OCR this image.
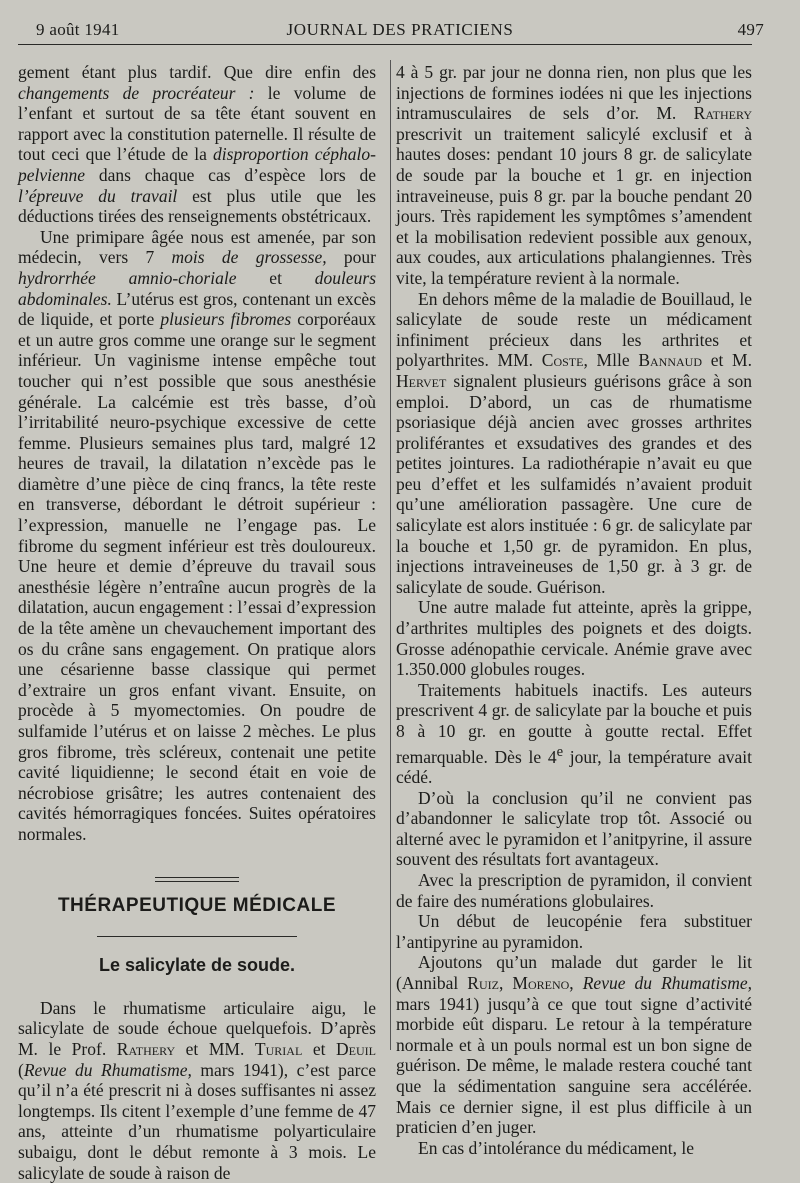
9 août 1941	JOURNAL DES PRATICIENS	497

gement étant plus tardif. Que dire enfin des changements de procréateur : le volume de l’enfant et surtout de sa tête étant souvent en rapport avec la constitution paternelle. Il résulte de tout ceci que l’étude de la disproportion céphalo-pelvienne dans chaque cas d’espèce lors de l’épreuve du travail est plus utile que les déductions tirées des renseignements obstétricaux.

Une primipare âgée nous est amenée, par son médecin, vers 7 mois de grossesse, pour hydrorrhée amnio-choriale et douleurs abdominales. L’utérus est gros, contenant un excès de liquide, et porte plusieurs fibromes corporéaux et un autre gros comme une orange sur le segment inférieur. Un vaginisme intense empêche tout toucher qui n’est possible que sous anesthésie générale. La calcémie est très basse, d’où l’irritabilité neuro-psychique excessive de cette femme. Plusieurs semaines plus tard, malgré 12 heures de travail, la dilatation n’excède pas le diamètre d’une pièce de cinq francs, la tête reste en transverse, débordant le détroit supérieur : l’expression, manuelle ne l’engage pas. Le fibrome du segment inférieur est très douloureux. Une heure et demie d’épreuve du travail sous anesthésie légère n’entraîne aucun progrès de la dilatation, aucun engagement : l’essai d’expression de la tête amène un chevauchement important des os du crâne sans engagement. On pratique alors une césarienne basse classique qui permet d’extraire un gros enfant vivant. Ensuite, on procède à 5 myomectomies. On poudre de sulfamide l’utérus et on laisse 2 mèches. Le plus gros fibrome, très scléreux, contenait une petite cavité liquidienne; le second était en voie de nécrobiose grisâtre; les autres contenaient des cavités hémorragiques foncées. Suites opératoires normales.

THÉRAPEUTIQUE MÉDICALE
Le salicylate de soude.

Dans le rhumatisme articulaire aigu, le salicylate de soude échoue quelquefois. D’après M. le Prof. Rathery et MM. Turial et Deuil (Revue du Rhumatisme, mars 1941), c’est parce qu’il n’a été prescrit ni à doses suffisantes ni assez longtemps. Ils citent l’exemple d’une femme de 47 ans, atteinte d’un rhumatisme polyarticulaire subaigu, dont le début remonte à 3 mois. Le salicylate de soude à raison de

4 à 5 gr. par jour ne donna rien, non plus que les injections de formines iodées ni que les injections intramusculaires de sels d’or. M. Rathery prescrivit un traitement salicylé exclusif et à hautes doses: pendant 10 jours 8 gr. de salicylate de soude par la bouche et 1 gr. en injection intraveineuse, puis 8 gr. par la bouche pendant 20 jours. Très rapidement les symptômes s’amendent et la mobilisation redevient possible aux genoux, aux coudes, aux articulations phalangiennes. Très vite, la température revient à la normale.

En dehors même de la maladie de Bouillaud, le salicylate de soude reste un médicament infiniment précieux dans les arthrites et polyarthrites. MM. Coste, Mlle Bannaud et M. Hervet signalent plusieurs guérisons grâce à son emploi. D’abord, un cas de rhumatisme psoriasique déjà ancien avec grosses arthrites proliférantes et exsudatives des grandes et des petites jointures. La radiothérapie n’avait eu que peu d’effet et les sulfamidés n’avaient produit qu’une amélioration passagère. Une cure de salicylate est alors instituée : 6 gr. de salicylate par la bouche et 1,50 gr. de pyramidon. En plus, injections intraveineuses de 1,50 gr. à 3 gr. de salicylate de soude. Guérison.

Une autre malade fut atteinte, après la grippe, d’arthrites multiples des poignets et des doigts. Grosse adénopathie cervicale. Anémie grave avec 1.350.000 globules rouges.

Traitements habituels inactifs. Les auteurs prescrivent 4 gr. de salicylate par la bouche et puis 8 à 10 gr. en goutte à goutte rectal. Effet remarquable. Dès le 4e jour, la température avait cédé.

D’où la conclusion qu’il ne convient pas d’abandonner le salicylate trop tôt. Associé ou alterné avec le pyramidon et l’anitpyrine, il assure souvent des résultats fort avantageux.

Avec la prescription de pyramidon, il convient de faire des numérations globulaires.

Un début de leucopénie fera substituer l’antipyrine au pyramidon.

Ajoutons qu’un malade dut garder le lit (Annibal Ruiz, Moreno, Revue du Rhumatisme, mars 1941) jusqu’à ce que tout signe d’activité morbide eût disparu. Le retour à la température normale et à un pouls normal est un bon signe de guérison. De même, le malade restera couché tant que la sédimentation sanguine sera accélérée. Mais ce dernier signe, il est plus difficile à un praticien d’en juger.

En cas d’intolérance du médicament, le
